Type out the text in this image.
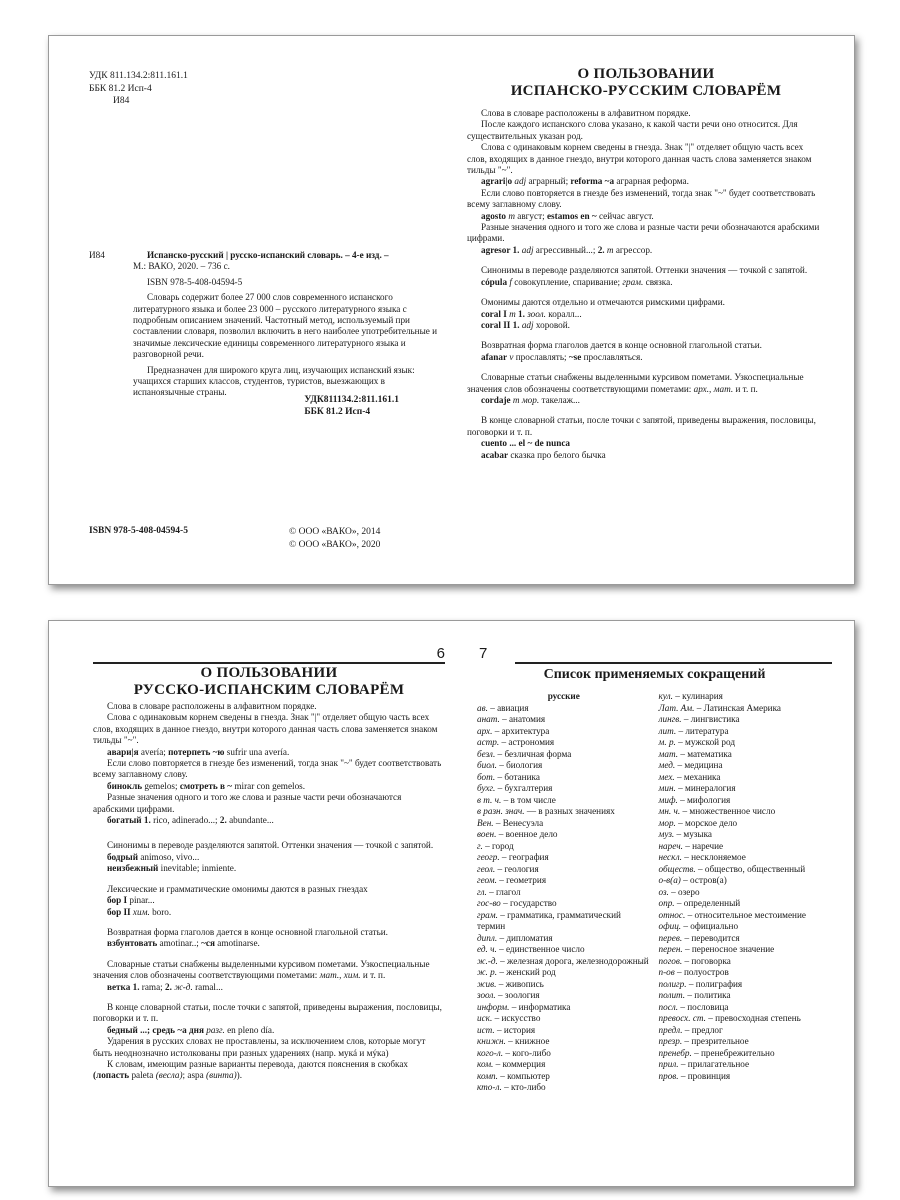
УДК 811.134.2:811.161.1
ББК 81.2 Исп-4
И84
И84	Испанско-русский | русско-испанский словарь. – 4-е изд. –
М.: ВАКО, 2020. – 736 с.
ISBN 978-5-408-04594-5
Словарь содержит более 27 000 слов современного испанского литературного языка и более 23 000 – русского литературного языка с подробным описанием значений. Частотный метод, используемый при составлении словаря, позволил включить в него наиболее употребительные и значимые лексические единицы современного литературного языка и разговорной речи.
Предназначен для широкого круга лиц, изучающих испанский язык: учащихся старших классов, студентов, туристов, выезжающих в испаноязычные страны.
УДК811134.2:811.161.1
ББК 81.2 Исп-4
ISBN 978-5-408-04594-5	© ООО «ВАКО», 2014
© ООО «ВАКО», 2020
О ПОЛЬЗОВАНИИ
ИСПАНСКО-РУССКИМ СЛОВАРЁМ

Слова в словаре расположены в алфавитном порядке.

После каждого испанского слова указано, к какой части речи оно относится. Для существительных указан род.

Слова с одинаковым корнем сведены в гнезда. Знак "|" отделяет общую часть всех слов, входящих в данное гнездо, внутри которого данная часть слова заменяется знаком тильды "~".

agrari|o adj аграрный; reforma ~a аграрная реформа.

Если слово повторяется в гнезде без изменений, тогда знак "~" будет соответствовать всему заглавному слову.

agosto m август; estamos en ~ сейчас август.

Разные значения одного и того же слова и разные части речи обозначаются арабскими цифрами.

agresor 1. adj агрессивный...; 2. m агрессор.

Синонимы в переводе разделяются запятой. Оттенки значения — точкой с запятой.

cópula f совокупление, спаривание; грам. связка.

Омонимы даются отдельно и отмечаются римскими цифрами.

coral I m 1. зоол. коралл...

coral II 1. adj хоровой.

Возвратная форма глаголов дается в конце основной глагольной статьи.

afanar v прославлять; ~se прославляться.

Словарные статьи снабжены выделенными курсивом пометами. Узкоспециальные значения слов обозначены соответствующими пометами: арх., мат. и т. п.

cordaje m мор. такелаж...

В конце словарной статьи, после точки с запятой, приведены выражения, пословицы, поговорки и т. п.

cuento ... el ~ de nunca

acabar сказка про белого бычка

6
О ПОЛЬЗОВАНИИ
РУССКО-ИСПАНСКИМ СЛОВАРЁМ

Слова в словаре расположены в алфавитном порядке.

Слова с одинаковым корнем сведены в гнезда. Знак "|" отделяет общую часть всех слов, входящих в данное гнездо, внутри которого данная часть слова заменяется знаком тильды "~".

авари|я avería; потерпеть ~ю sufrir una avería.

Если слово повторяется в гнезде без изменений, тогда знак "~" будет соответствовать всему заглавному слову.

бинокль gemelos; смотреть в ~ mirar con gemelos.

Разные значения одного и того же слова и разные части речи обозначаются арабскими цифрами.

богатый 1. rico, adinerado...; 2. abundante...

Синонимы в переводе разделяются запятой. Оттенки значения — точкой с запятой.

бодрый animoso, vivo...

неизбежный inevitable; inmiente.

Лексические и грамматические омонимы даются в разных гнездах

бор I pinar...

бор II хим. boro.

Возвратная форма глаголов дается в конце основной глагольной статьи.

взбунтовать amotinar..; ~ся amotinarse.

Словарные статьи снабжены выделенными курсивом пометами. Узкоспециальные значения слов обозначены соответствующими пометами: мат., хим. и т. п.

ветка 1. rama; 2. ж-д. ramal...

В конце словарной статьи, после точки с запятой, приведены выражения, пословицы, поговорки и т. п.

бедный ...; средь ~а дня разг. en pleno día.

Ударения в русских словах не проставлены, за исключением слов, которые могут быть неоднозначно истолкованы при разных ударениях (напр. мукá и мýка)

К словам, имеющим разные варианты перевода, даются пояснения в скобках (лопасть paleta (весла); aspa (винта)).

7
Список применяемых сокращений
русские
ав. – авиация
анат. – анатомия
арх. – архитектура
астр. – астрономия
безл. – безличная форма
биол. – биология
бот. – ботаника
бухг. – бухгалтерия
в т. ч. – в том числе
в разн. знач. — в разных значениях
Вен. – Венесуэла
воен. – военное дело
г. – город
геогр. – география
геол. – геология
геом. – геометрия
гл. – глагол
гос-во – государство
грам. – грамматика, грамматический термин
дипл. – дипломатия
ед. ч. – единственное число
ж.-д. – железная дорога, железнодорожный
ж. р. – женский род
жив. – живопись
зоол. – зоология
информ. – информатика
иск. – искусство
ист. – история
книжн. – книжное
кого-л. – кого-либо
ком. – коммерция
комп. – компьютер
кто-л. – кто-либо
кул. – кулинария
Лат. Ам. – Латинская Америка
лингв. – лингвистика
лит. – литература
м. р. – мужской род
мат. – математика
мед. – медицина
мех. – механика
мин. – минералогия
миф. – мифология
мн. ч. – множественное число
мор. – морское дело
муз. – музыка
нареч. – наречие
нескл. – несклоняемое
обществ. – общество, общественный
о-в(а) – остров(а)
оз. – озеро
опр. – определенный
относ. – относительное местоимение
офиц. – официально
перев. – переводится
перен. – переносное значение
погов. – поговорка
п-ов – полуостров
полигр. – полиграфия
полит. – политика
посл. – пословица
превосх. ст. – превосходная степень
предл. – предлог
презр. – презрительное
пренебр. – пренебрежительно
прил. – прилагательное
пров. – провинция
